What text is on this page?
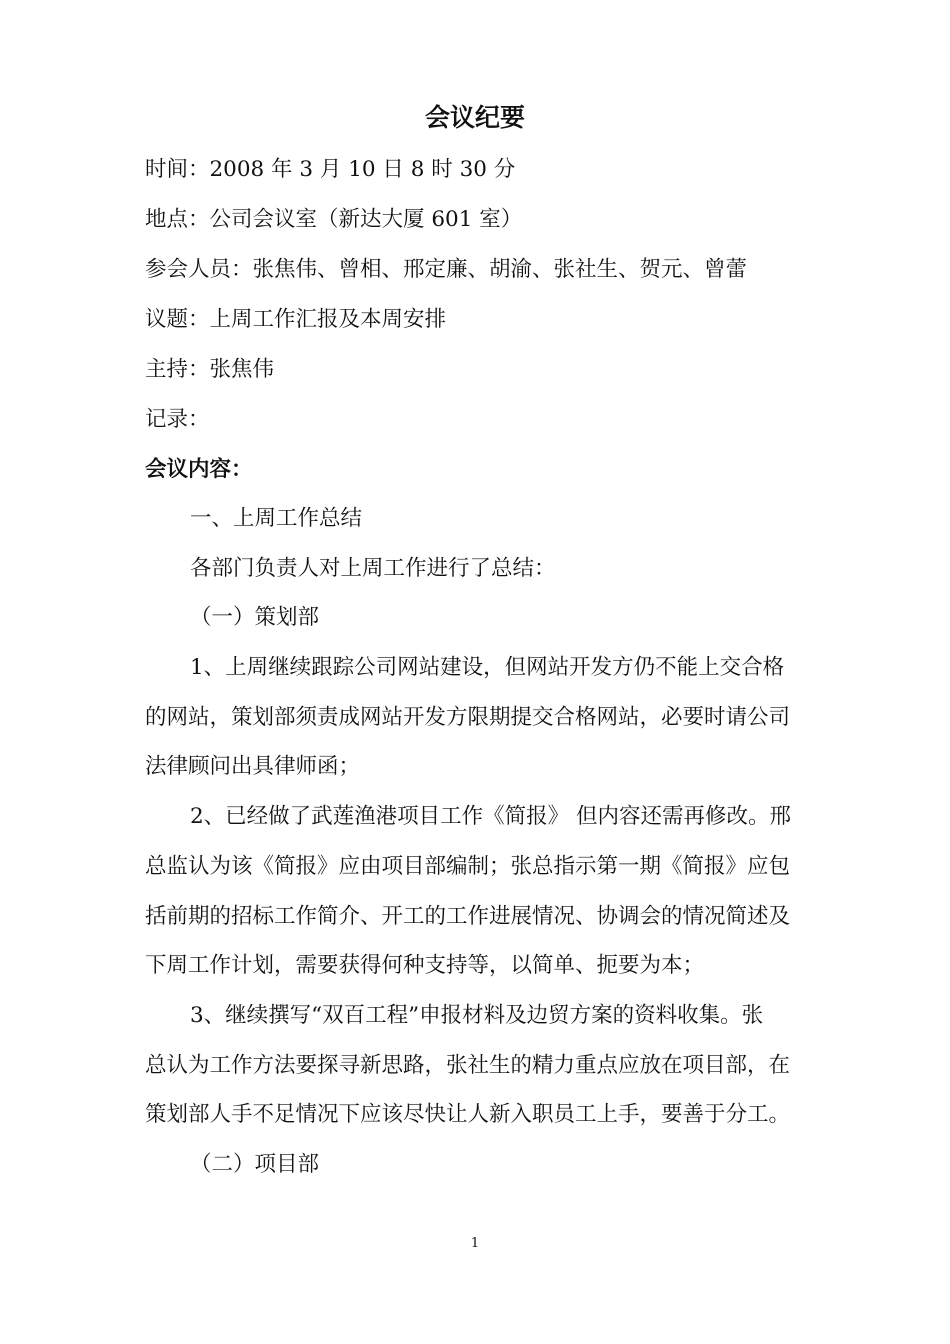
会议纪要
时间：2008 年 3 月 10 日 8 时 30 分
地点：公司会议室（新达大厦 601 室）
参会人员：张焦伟、曾相、邢定廉、胡渝、张社生、贺元、曾蕾
议题：上周工作汇报及本周安排
主持：张焦伟
记录：
会议内容：
一、上周工作总结
各部门负责人对上周工作进行了总结：
（一）策划部
1、上周继续跟踪公司网站建设，但网站开发方仍不能上交合格
的网站，策划部须责成网站开发方限期提交合格网站，必要时请公司
法律顾问出具律师函；
2、已经做了武莲渔港项目工作《简报》 但内容还需再修改。邢
总监认为该《简报》应由项目部编制；张总指示第一期《简报》应包
括前期的招标工作简介、开工的工作进展情况、协调会的情况简述及
下周工作计划，需要获得何种支持等，以简单、扼要为本；
3、继续撰写“双百工程”申报材料及边贸方案的资料收集。张
总认为工作方法要探寻新思路，张社生的精力重点应放在项目部，在
策划部人手不足情况下应该尽快让人新入职员工上手，要善于分工。
（二）项目部
1
